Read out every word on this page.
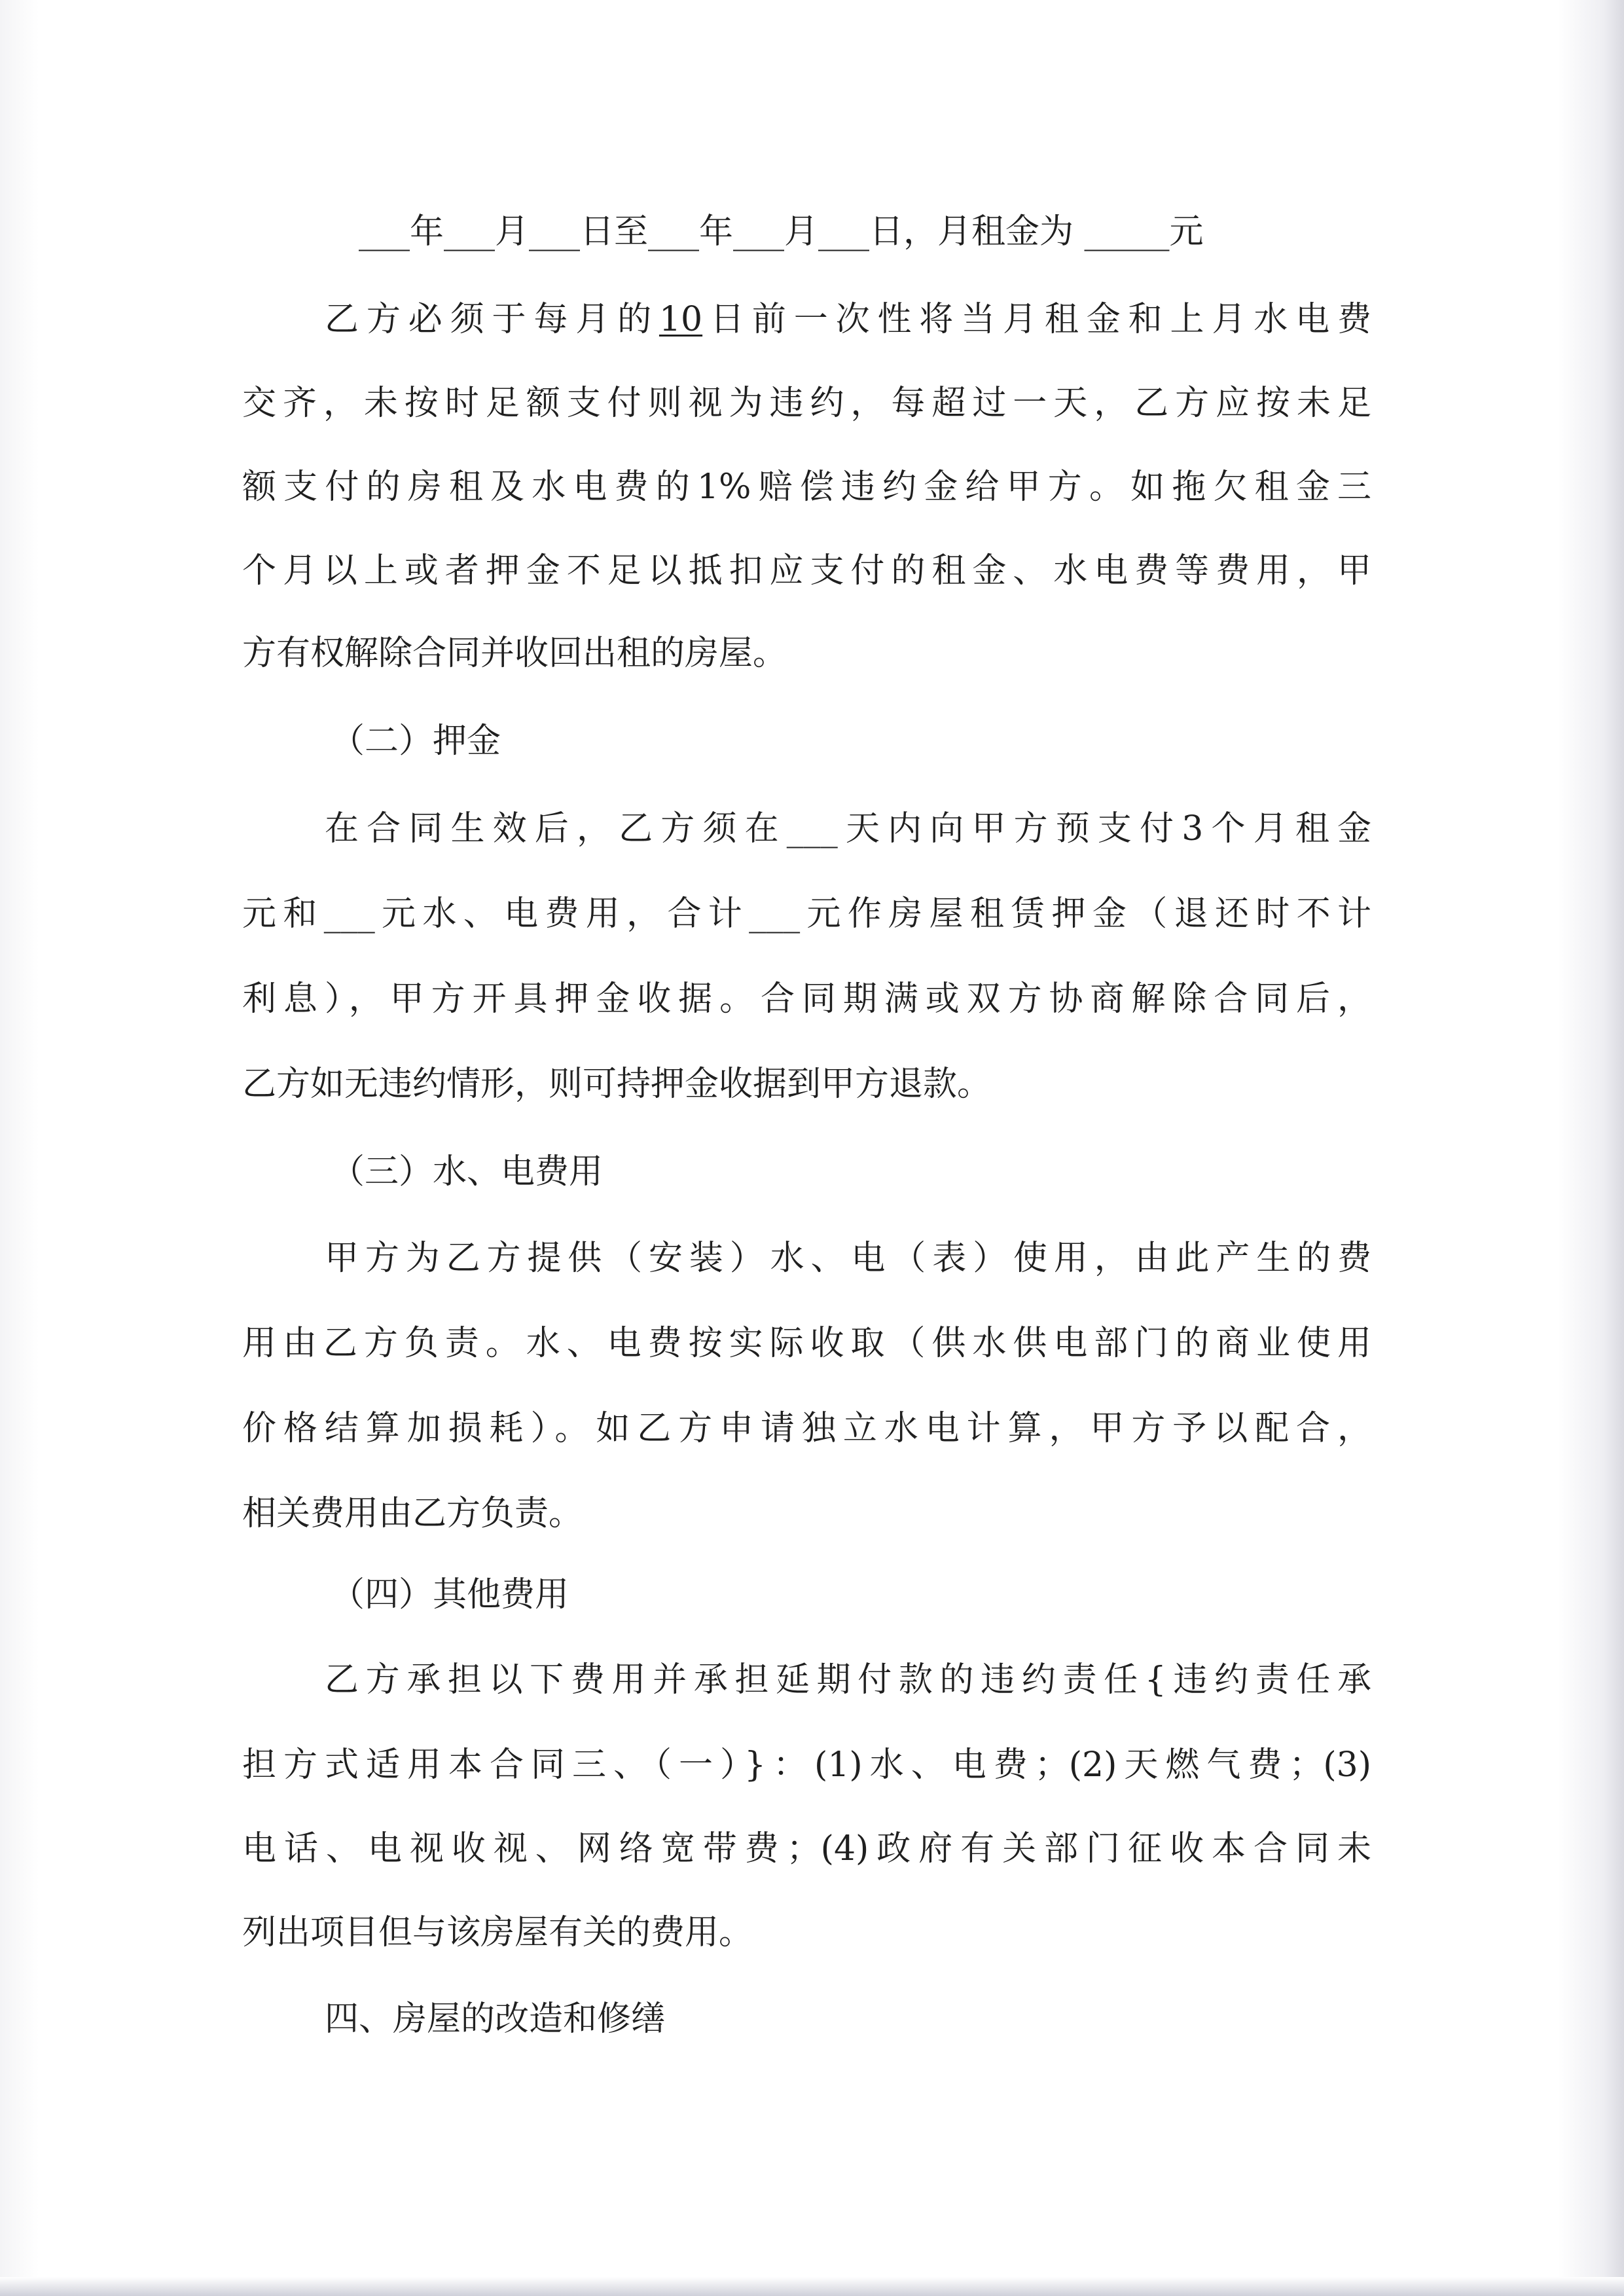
___年___月___日至___年___月___日，月租金为 _____元
乙方必须于每月的10日前一次性将当月租金和上月水电费
交齐，未按时足额支付则视为违约，每超过一天，乙方应按未足
额支付的房租及水电费的1%赔偿违约金给甲方。如拖欠租金三
个月以上或者押金不足以抵扣应支付的租金、水电费等费用，甲
方有权解除合同并收回出租的房屋。
（二）押金
在合同生效后，乙方须在___天内向甲方预支付3个月租金
元和___元水、电费用，合计___元作房屋租赁押金（退还时不计
利息），甲方开具押金收据。合同期满或双方协商解除合同后，
乙方如无违约情形，则可持押金收据到甲方退款。
（三）水、电费用
甲方为乙方提供（安装）水、电（表）使用，由此产生的费
用由乙方负责。水、电费按实际收取（供水供电部门的商业使用
价格结算加损耗）。如乙方申请独立水电计算，甲方予以配合，
相关费用由乙方负责。
（四）其他费用
乙方承担以下费用并承担延期付款的违约责任{违约责任承
担方式适用本合同三、（一）}：(1)水、电费；(2)天燃气费；(3)
电话、电视收视、网络宽带费；(4)政府有关部门征收本合同未
列出项目但与该房屋有关的费用。
四、房屋的改造和修缮
